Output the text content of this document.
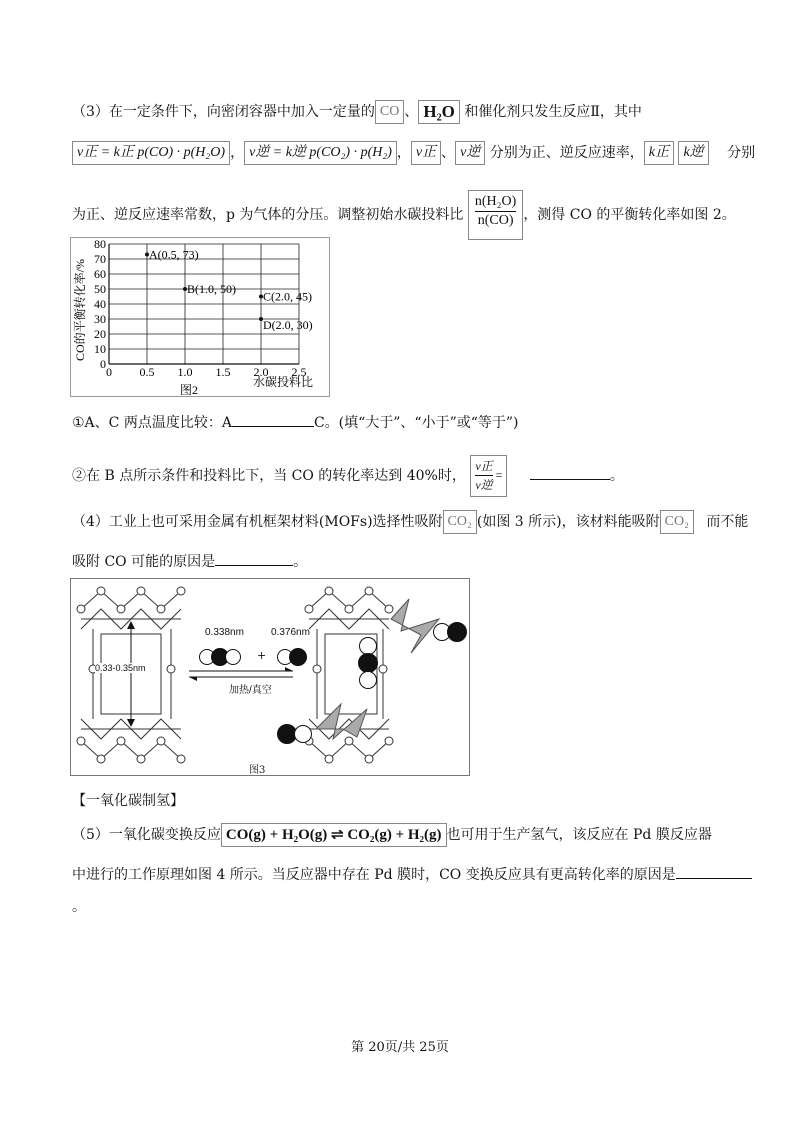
（3）在一定条件下，向密闭容器中加入一定量的 CO 、 H₂O 和催化剂只发生反应Ⅱ，其中
v正 = k正 p(CO) · p(H₂O) ， v逆 = k逆 p(CO₂) · p(H₂) ， v正 、 v逆 分别为正、逆反应速率， k正 k逆 分别
为正、逆反应速率常数，p 为气体的分压。调整初始水碳投料比 $\frac{\text{n(H₂O)}}{n(CO)}$ ，测得 CO 的平衡转化率如图 2。
0 0.5 1.0 1.5 2.0 2.5
0
10
20
30
40
50
60
70
80
A(0.5, 73)
B(1.0, 50)
C(2.0, 45)
D(2.0, 30)
水碳投料比
CO的平衡转化率/%
图2
①A、C 两点温度比较：A	C。(填“大于”、“小于”或“等于”)
②在 B 点所示条件和投料比下，当 CO 的转化率达到 40%时， $\frac{\text{v正}}{\text{v逆}}$ =	。
（4）工业上也可采用金属有机框架材料(MOFs)选择性吸附 CO₂ (如图 3 所示)，该材料能吸附 CO₂ 而不能
吸附 CO 可能的原因是	。
0.33-0.35nm
0.338nm	0.376nm
+
加热/真空
图3
【一氧化碳制氢】
（5）一氧化碳变换反应 CO(g) + H₂O(g) ⇌ CO₂(g) + H₂(g) 也可用于生产氢气，该反应在 Pd 膜反应器
中进行的工作原理如图 4 所示。当反应器中存在 Pd 膜时，CO 变换反应具有更高转化率的原因是
。
第 20页/共 25页
